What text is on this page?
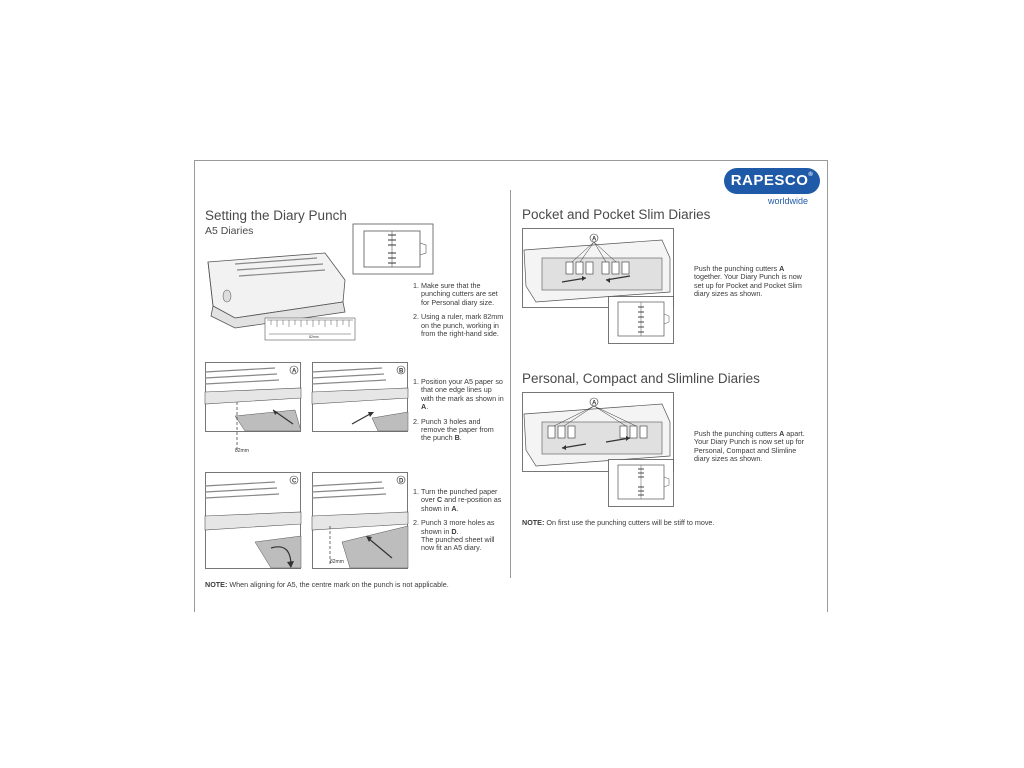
RAPESCO®
worldwide
Setting the Diary Punch
A5 Diaries
82mm
1. Make sure that the punching cutters are set for Personal diary size.
2. Using a ruler, mark 82mm on the punch, working in from the right-hand side.
A
82mm
B
1. Position your A5 paper so that one edge lines up with the mark as shown in A.
2. Punch 3 holes and remove the paper from the punch B.
C	D
82mm
1. Turn the punched paper over C and re-position as shown in A.
2. Punch 3 more holes as shown in D.
The punched sheet will now fit an A5 diary.
NOTE: When aligning for A5, the centre mark on the punch is not applicable.
Pocket and Pocket Slim Diaries
A
Push the punching cutters A together. Your Diary Punch is now set up for Pocket and Pocket Slim diary sizes as shown.
Personal, Compact and Slimline Diaries
A
Push the punching cutters A apart. Your Diary Punch is now set up for Personal, Compact and Slimline diary sizes as shown.
NOTE: On first use the punching cutters will be stiff to move.
